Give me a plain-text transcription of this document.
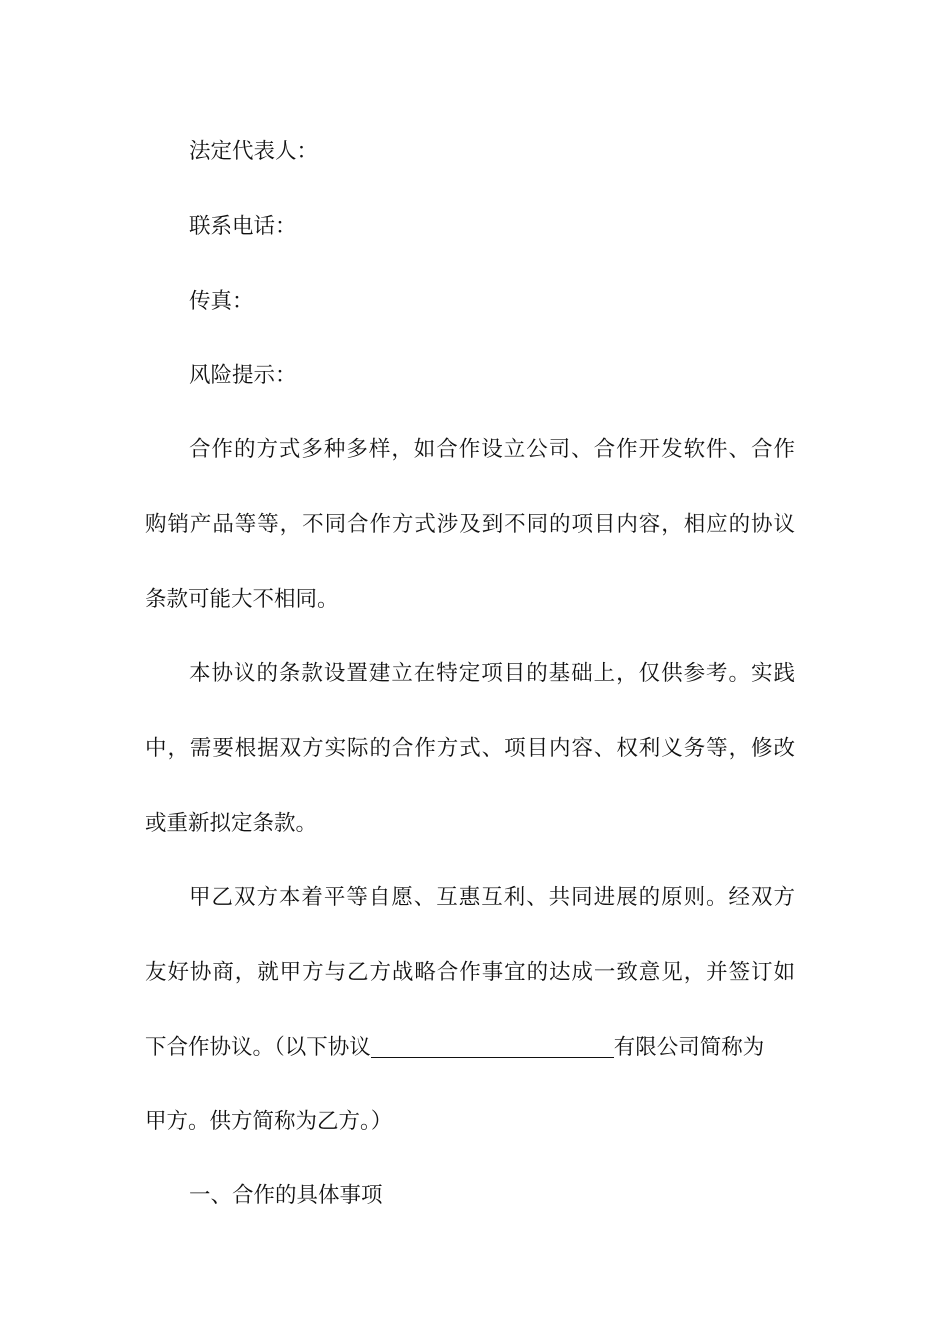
法定代表人：
联系电话：
传真：
风险提示：
合作的方式多种多样，如合作设立公司、合作开发软件、合作
购销产品等等，不同合作方式涉及到不同的项目内容，相应的协议
条款可能大不相同。
本协议的条款设置建立在特定项目的基础上，仅供参考。实践
中，需要根据双方实际的合作方式、项目内容、权利义务等，修改
或重新拟定条款。
甲乙双方本着平等自愿、互惠互利、共同进展的原则。经双方
友好协商，就甲方与乙方战略合作事宜的达成一致意见，并签订如
下合作协议。（以下协议	有限公司简称为
甲方。供方简称为乙方。）
一、合作的具体事项
